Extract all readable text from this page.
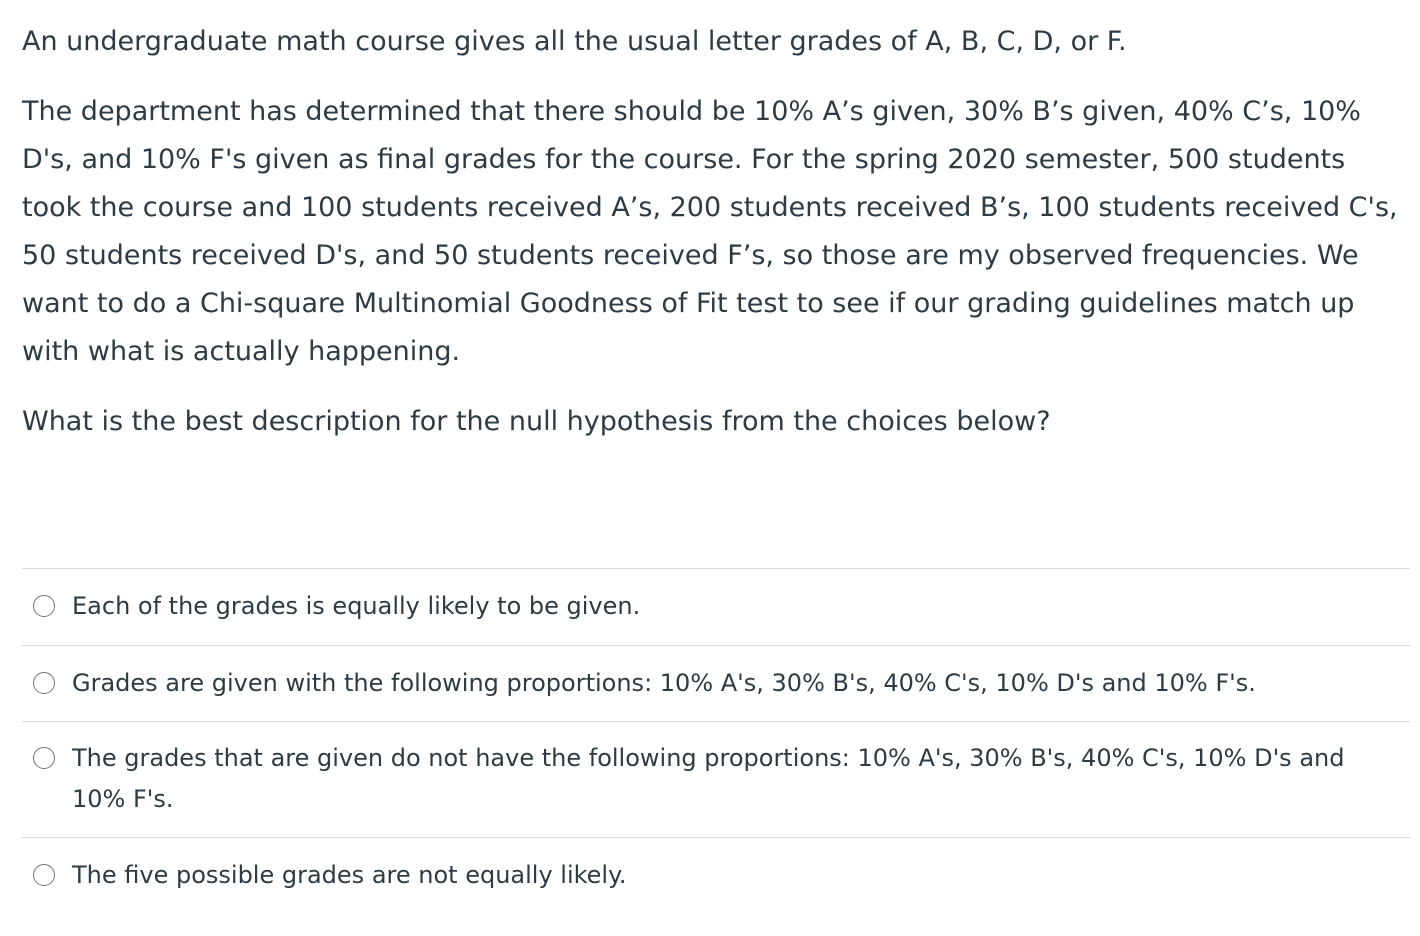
An undergraduate math course gives all the usual letter grades of A, B, C, D, or F.

The department has determined that there should be 10% A’s given, 30% B’s given, 40% C’s, 10% D's, and 10% F's given as final grades for the course. For the spring 2020 semester, 500 students took the course and 100 students received A’s, 200 students received B’s, 100 students received C's, 50 students received D's, and 50 students received F’s, so those are my observed frequencies. We want to do a Chi-square Multinomial Goodness of Fit test to see if our grading guidelines match up with what is actually happening.

What is the best description for the null hypothesis from the choices below?

Each of the grades is equally likely to be given.
Grades are given with the following proportions: 10% A's, 30% B's, 40% C's, 10% D's and 10% F's.
The grades that are given do not have the following proportions: 10% A's, 30% B's, 40% C's, 10% D's and 10% F's.
The five possible grades are not equally likely.
